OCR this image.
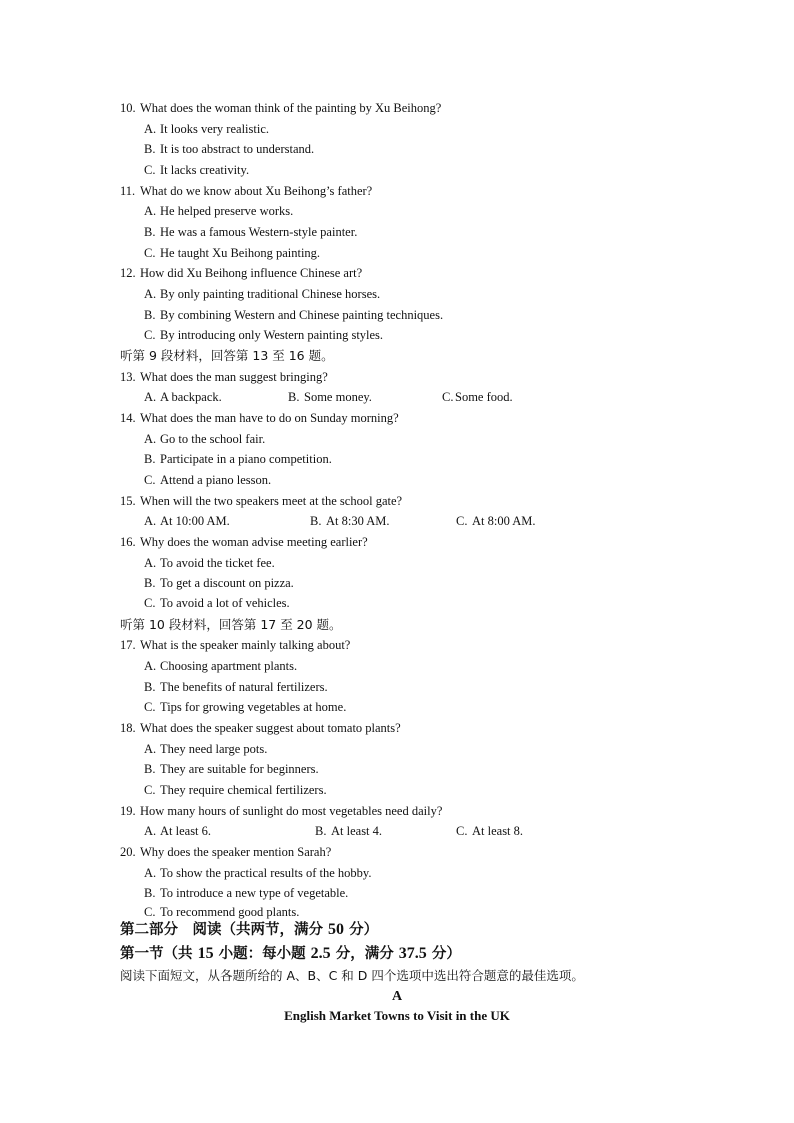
10. What does the woman think of the painting by Xu Beihong?
A. It looks very realistic.
B. It is too abstract to understand.
C. It lacks creativity.
11. What do we know about Xu Beihong’s father?
A. He helped preserve works.
B. He was a famous Western-style painter.
C. He taught Xu Beihong painting.
12. How did Xu Beihong influence Chinese art?
A. By only painting traditional Chinese horses.
B. By combining Western and Chinese painting techniques.
C. By introducing only Western painting styles.
听第 9 段材料，回答第 13 至 16 题。
13. What does the man suggest bringing?
A. A backpack.	B. Some money.	C. Some food.
14. What does the man have to do on Sunday morning?
A. Go to the school fair.
B. Participate in a piano competition.
C. Attend a piano lesson.
15. When will the two speakers meet at the school gate?
A. At 10:00 AM.	B. At 8:30 AM.	C. At 8:00 AM.
16. Why does the woman advise meeting earlier?
A. To avoid the ticket fee.
B. To get a discount on pizza.
C. To avoid a lot of vehicles.
听第 10 段材料，回答第 17 至 20 题。
17. What is the speaker mainly talking about?
A. Choosing apartment plants.
B. The benefits of natural fertilizers.
C. Tips for growing vegetables at home.
18. What does the speaker suggest about tomato plants?
A. They need large pots.
B. They are suitable for beginners.
C. They require chemical fertilizers.
19. How many hours of sunlight do most vegetables need daily?
A. At least 6.	B. At least 4.	C. At least 8.
20. Why does the speaker mention Sarah?
A. To show the practical results of the hobby.
B. To introduce a new type of vegetable.
C. To recommend good plants.
第二部分　阅读（共两节，满分 50 分）
第一节（共 15 小题：每小题 2.5 分，满分 37.5 分）
阅读下面短文，从各题所给的 A、B、C 和 D 四个选项中选出符合题意的最佳选项。
A
English Market Towns to Visit in the UK
